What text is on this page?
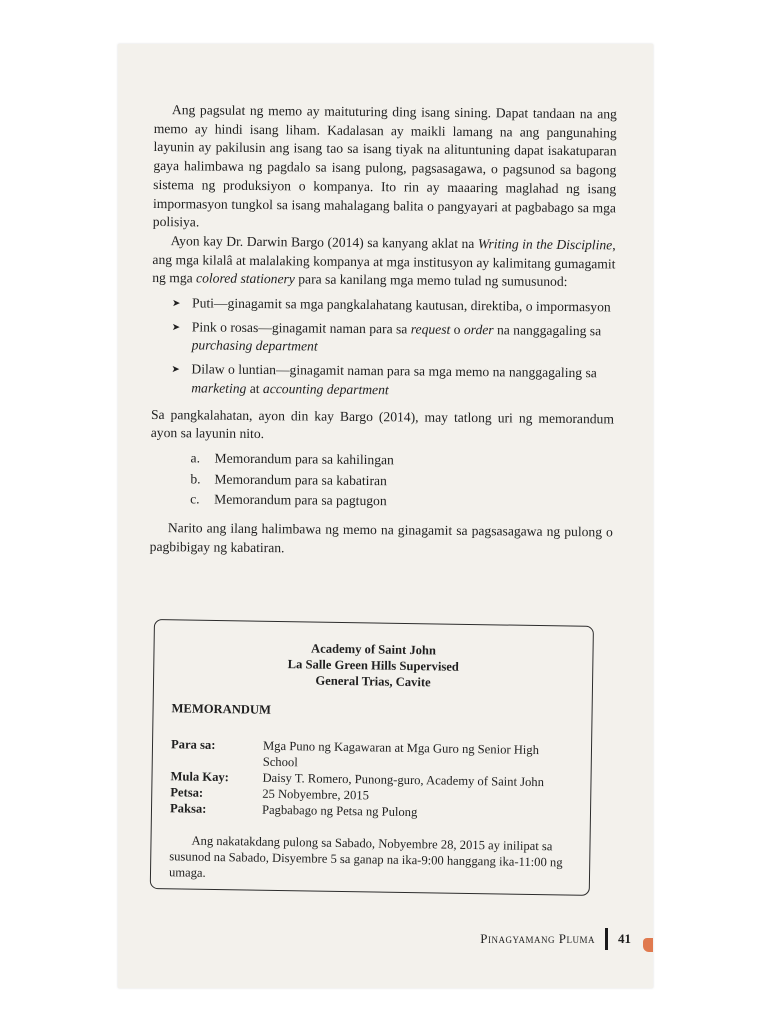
Ang pagsulat ng memo ay maituturing ding isang sining. Dapat tandaan na ang memo ay hindi isang liham. Kadalasan ay maikli lamang na ang pangunahing layunin ay pakilusin ang isang tao sa isang tiyak na alituntuning dapat isakatuparan gaya halimbawa ng pagdalo sa isang pulong, pagsasagawa, o pagsunod sa bagong sistema ng produksiyon o kompanya. Ito rin ay maaaring maglahad ng isang impormasyon tungkol sa isang mahalagang balita o pangyayari at pagbabago sa mga polisiya.

Ayon kay Dr. Darwin Bargo (2014) sa kanyang aklat na Writing in the Discipline, ang mga kilalâ at malalaking kompanya at mga institusyon ay kalimitang gumagamit ng mga colored stationery para sa kanilang mga memo tulad ng sumusunod:

➤ Puti—ginagamit sa mga pangkalahatang kautusan, direktiba, o impormasyon
➤ Pink o rosas—ginagamit naman para sa request o order na nanggagaling sa purchasing department
➤ Dilaw o luntian—ginagamit naman para sa mga memo na nanggagaling sa marketing at accounting department

Sa pangkalahatan, ayon din kay Bargo (2014), may tatlong uri ng memorandum ayon sa layunin nito.

a. Memorandum para sa kahilingan
b. Memorandum para sa kabatiran
c. Memorandum para sa pagtugon

Narito ang ilang halimbawa ng memo na ginagamit sa pagsasagawa ng pulong o pagbibigay ng kabatiran.

Academy of Saint John
La Salle Green Hills Supervised
General Trias, Cavite
MEMORANDUM
Para sa:	Mga Puno ng Kagawaran at Mga Guro ng Senior High School
Mula Kay:	Daisy T. Romero, Punong-guro, Academy of Saint John
Petsa:	25 Nobyembre, 2015
Paksa:	Pagbabago ng Petsa ng Pulong

Ang nakatakdang pulong sa Sabado, Nobyembre 28, 2015 ay inilipat sa susunod na Sabado, Disyembre 5 sa ganap na ika-9:00 hanggang ika-11:00 ng umaga.

Pinagyamang Pluma 41
